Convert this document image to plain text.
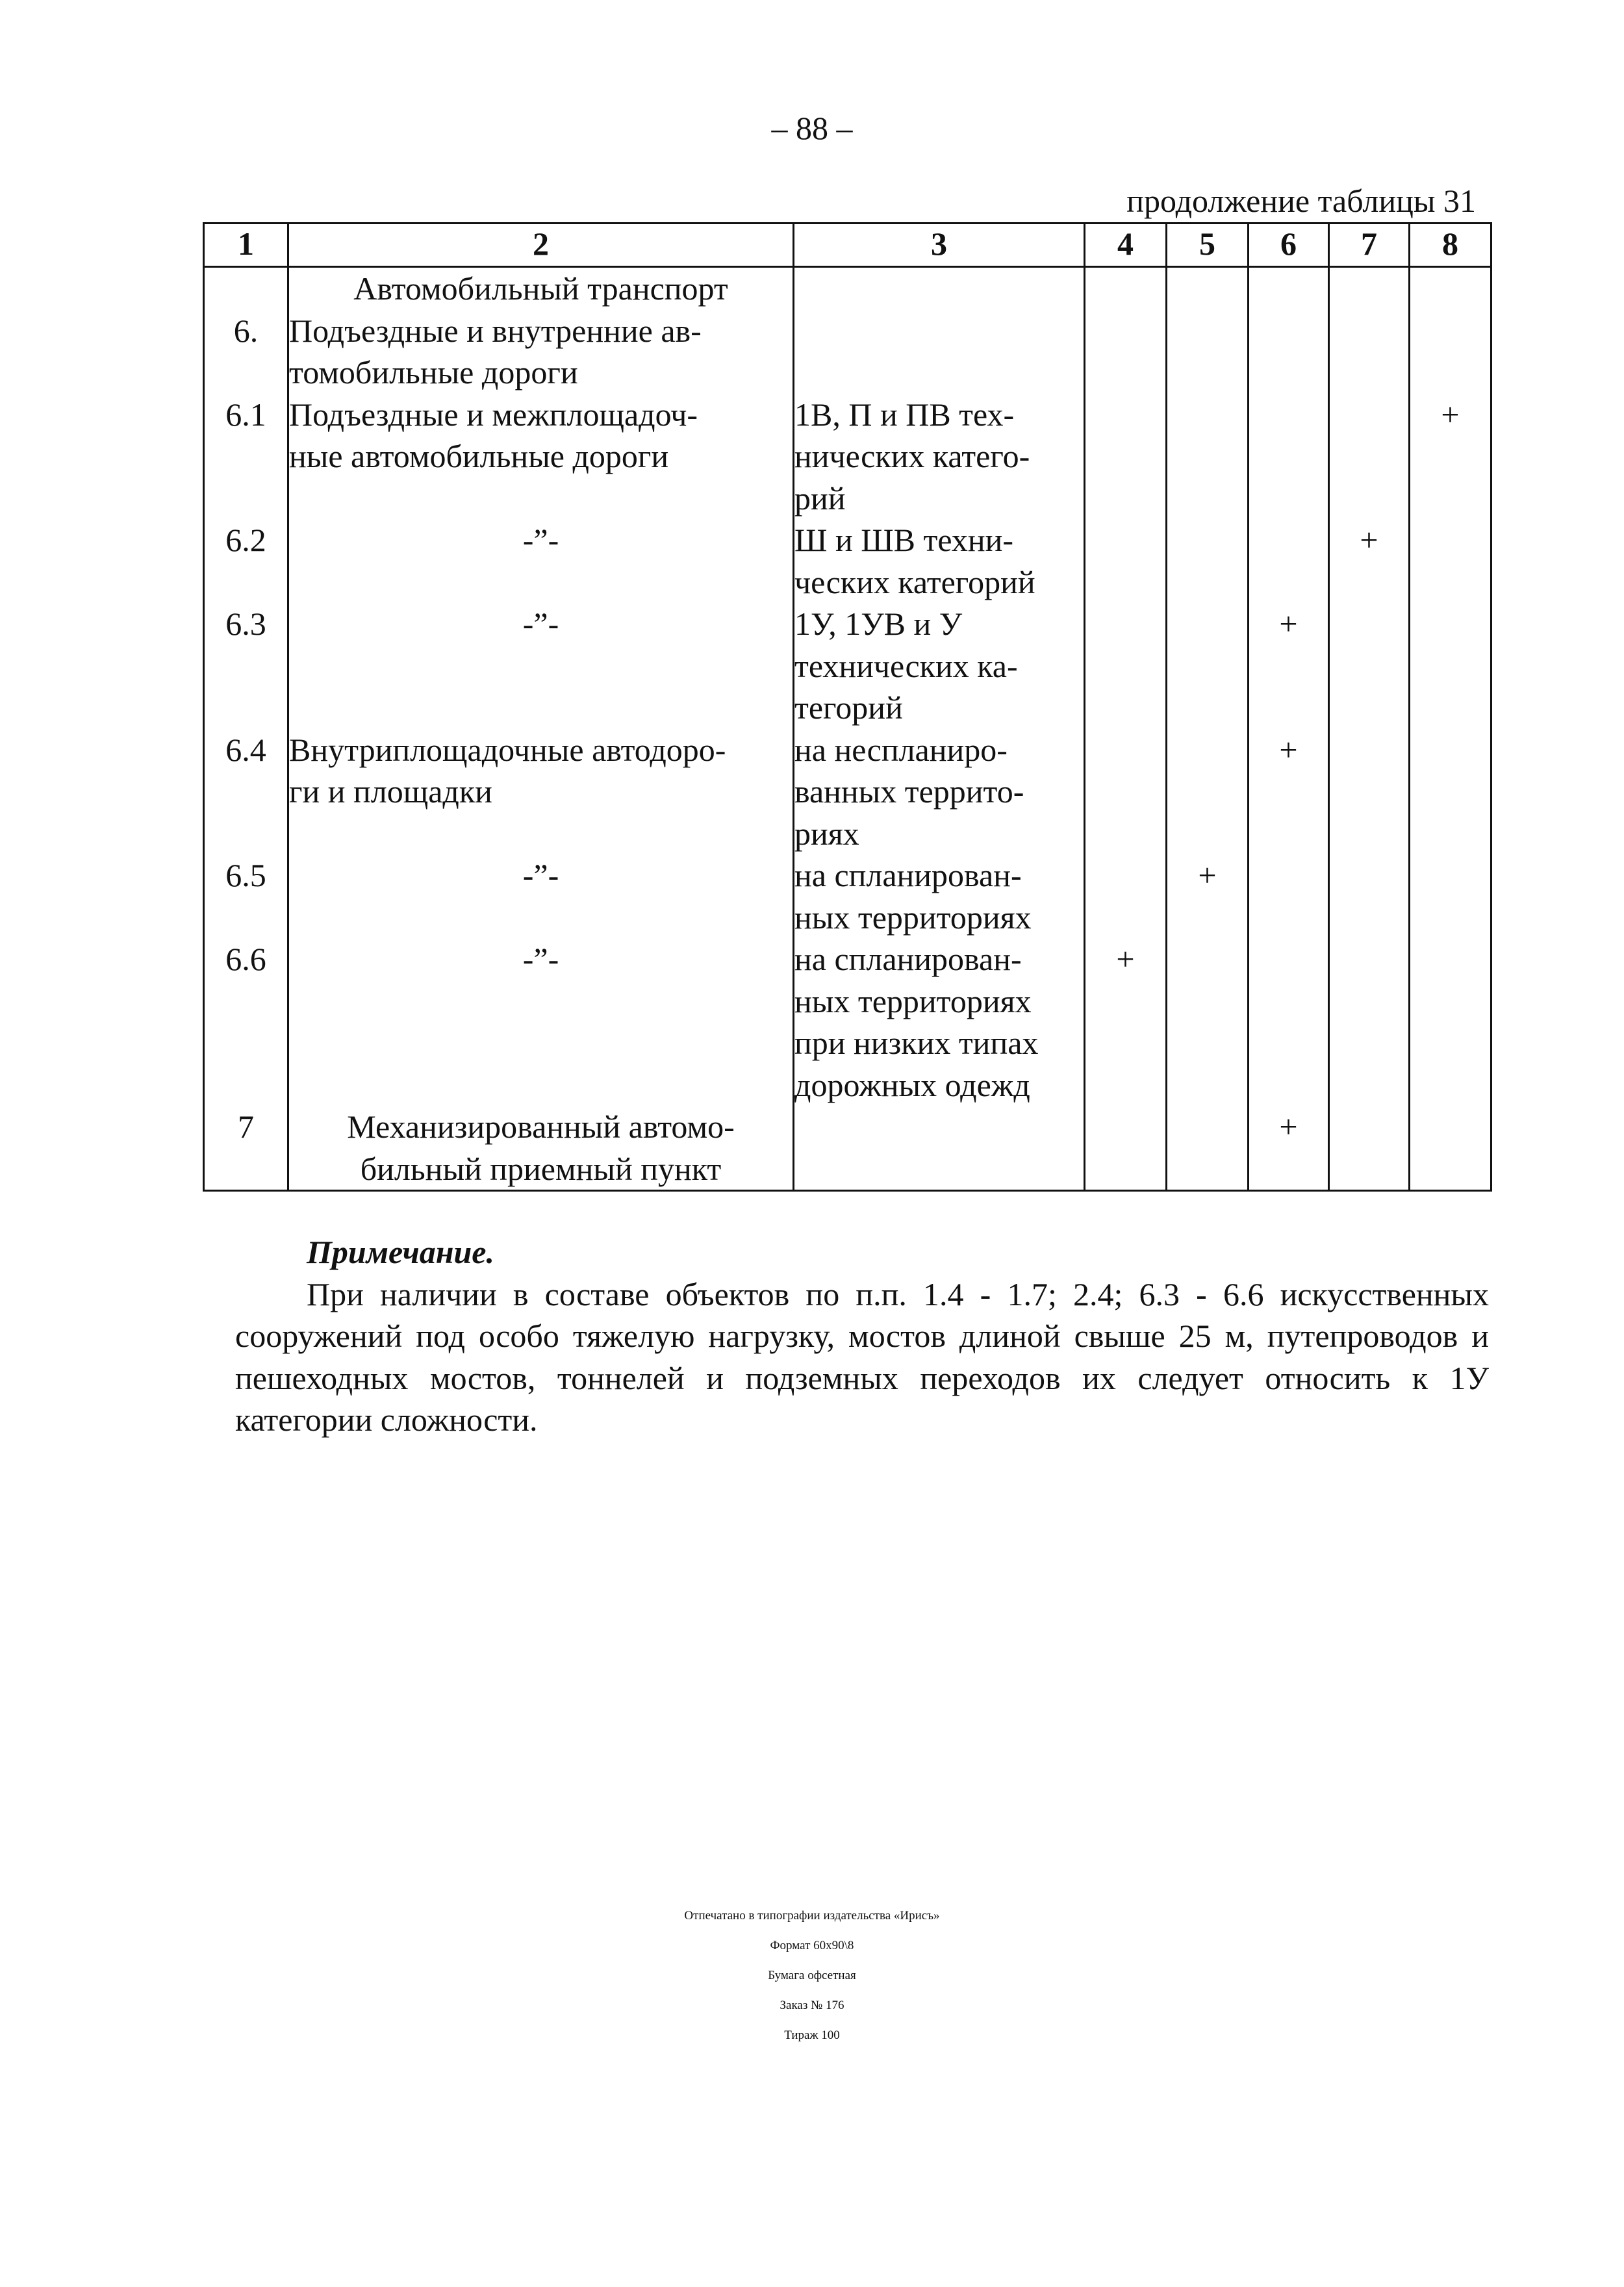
– 88 –
продолжение таблицы 31
1	2	3	4	5	6	7	8
	Автомобильный транспорт						
6.	Подъездные и внутренние ав-
томобильные дороги						
6.1	Подъездные и межплощадоч-
ные автомобильные дороги	1В, П и ПВ тех-
нических катего-
рий					+
6.2	-”-	Ш и ШВ техни-
ческих категорий				+	
6.3	-”-	1У, 1УВ и У
технических ка-
тегорий			+		
6.4	Внутриплощадочные автодоро-
ги и площадки	на неспланиро-
ванных террито-
риях			+		
6.5	-”-	на спланирован-
ных территориях		+			
6.6	-”-	на спланирован-
ных территориях
при низких типах
дорожных одежд	+				
7	Механизированный автомо-
бильный приемный пункт				+		
Примечание.

При наличии в составе объектов по п.п. 1.4 - 1.7; 2.4; 6.3 - 6.6 искусственных сооружений под особо тяжелую нагрузку, мостов длиной свыше 25 м, путепроводов и пешеходных мостов, тоннелей и подземных переходов их следует относить к 1У категории сложности.

Отпечатано в типографии издательства «Ирисъ»
Формат 60х90\8
Бумага офсетная
Заказ № 176
Тираж 100
